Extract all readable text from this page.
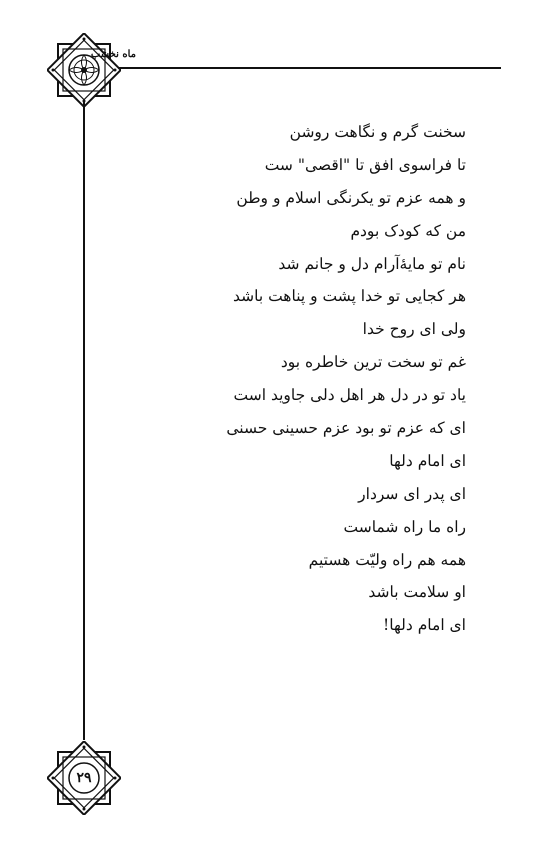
ماه نخشب
سخنت گرم و نگاهت روشن
تا فراسوی افق تا "اقصی" ست
و همه عزم تو یکرنگی اسلام و وطن
من که کودک بودم
نام تو مایۀآرام دل و جانم شد
هر کجایی تو خدا پشت و پناهت باشد
ولی ای روح خدا
غم تو سخت ترین خاطره بود
یاد تو در دل هر اهل دلی جاوید است
ای که عزم تو بود عزم حسینی حسنی
ای امام دلها
ای پدر ای سردار
راه ما راه شماست
همه هم راه ولیّت هستیم
او سلامت باشد
ای امام دلها!
۲۹
